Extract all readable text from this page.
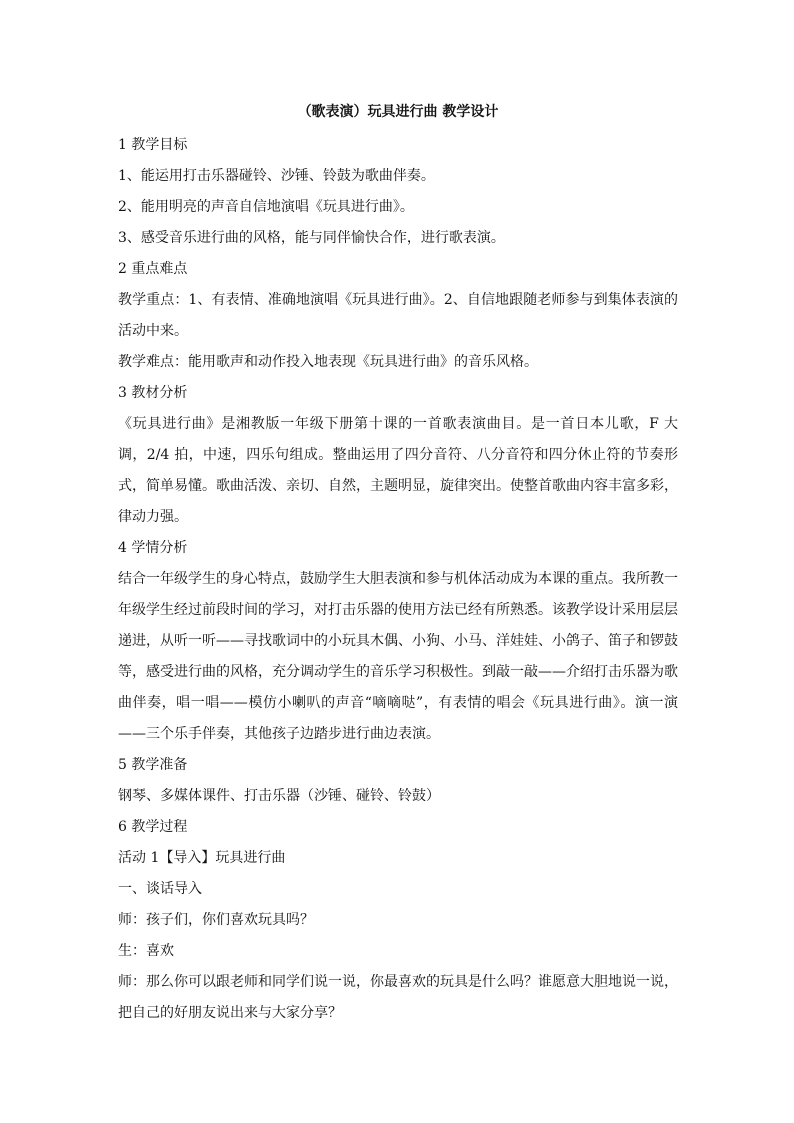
（歌表演）玩具进行曲 教学设计

1 教学目标

1、能运用打击乐器碰铃、沙锤、铃鼓为歌曲伴奏。

2、能用明亮的声音自信地演唱《玩具进行曲》。

3、感受音乐进行曲的风格，能与同伴愉快合作，进行歌表演。

2 重点难点

教学重点：1、有表情、准确地演唱《玩具进行曲》。2、自信地跟随老师参与到集体表演的活动中来。

教学难点：能用歌声和动作投入地表现《玩具进行曲》的音乐风格。

3 教材分析

《玩具进行曲》是湘教版一年级下册第十课的一首歌表演曲目。是一首日本儿歌，F 大调，2/4 拍，中速，四乐句组成。整曲运用了四分音符、八分音符和四分休止符的节奏形式，简单易懂。歌曲活泼、亲切、自然，主题明显，旋律突出。使整首歌曲内容丰富多彩，律动力强。

4 学情分析

结合一年级学生的身心特点，鼓励学生大胆表演和参与机体活动成为本课的重点。我所教一年级学生经过前段时间的学习，对打击乐器的使用方法已经有所熟悉。该教学设计采用层层递进，从听一听——寻找歌词中的小玩具木偶、小狗、小马、洋娃娃、小鸽子、笛子和锣鼓等，感受进行曲的风格，充分调动学生的音乐学习积极性。到敲一敲——介绍打击乐器为歌曲伴奏，唱一唱——模仿小喇叭的声音“嘀嘀哒”，有表情的唱会《玩具进行曲》。演一演——三个乐手伴奏，其他孩子边踏步进行曲边表演。

5 教学准备

钢琴、多媒体课件、打击乐器（沙锤、碰铃、铃鼓）

6 教学过程

活动 1【导入】玩具进行曲

一、谈话导入

师：孩子们，你们喜欢玩具吗？

生：喜欢

师：那么你可以跟老师和同学们说一说，你最喜欢的玩具是什么吗？谁愿意大胆地说一说，把自己的好朋友说出来与大家分享？
